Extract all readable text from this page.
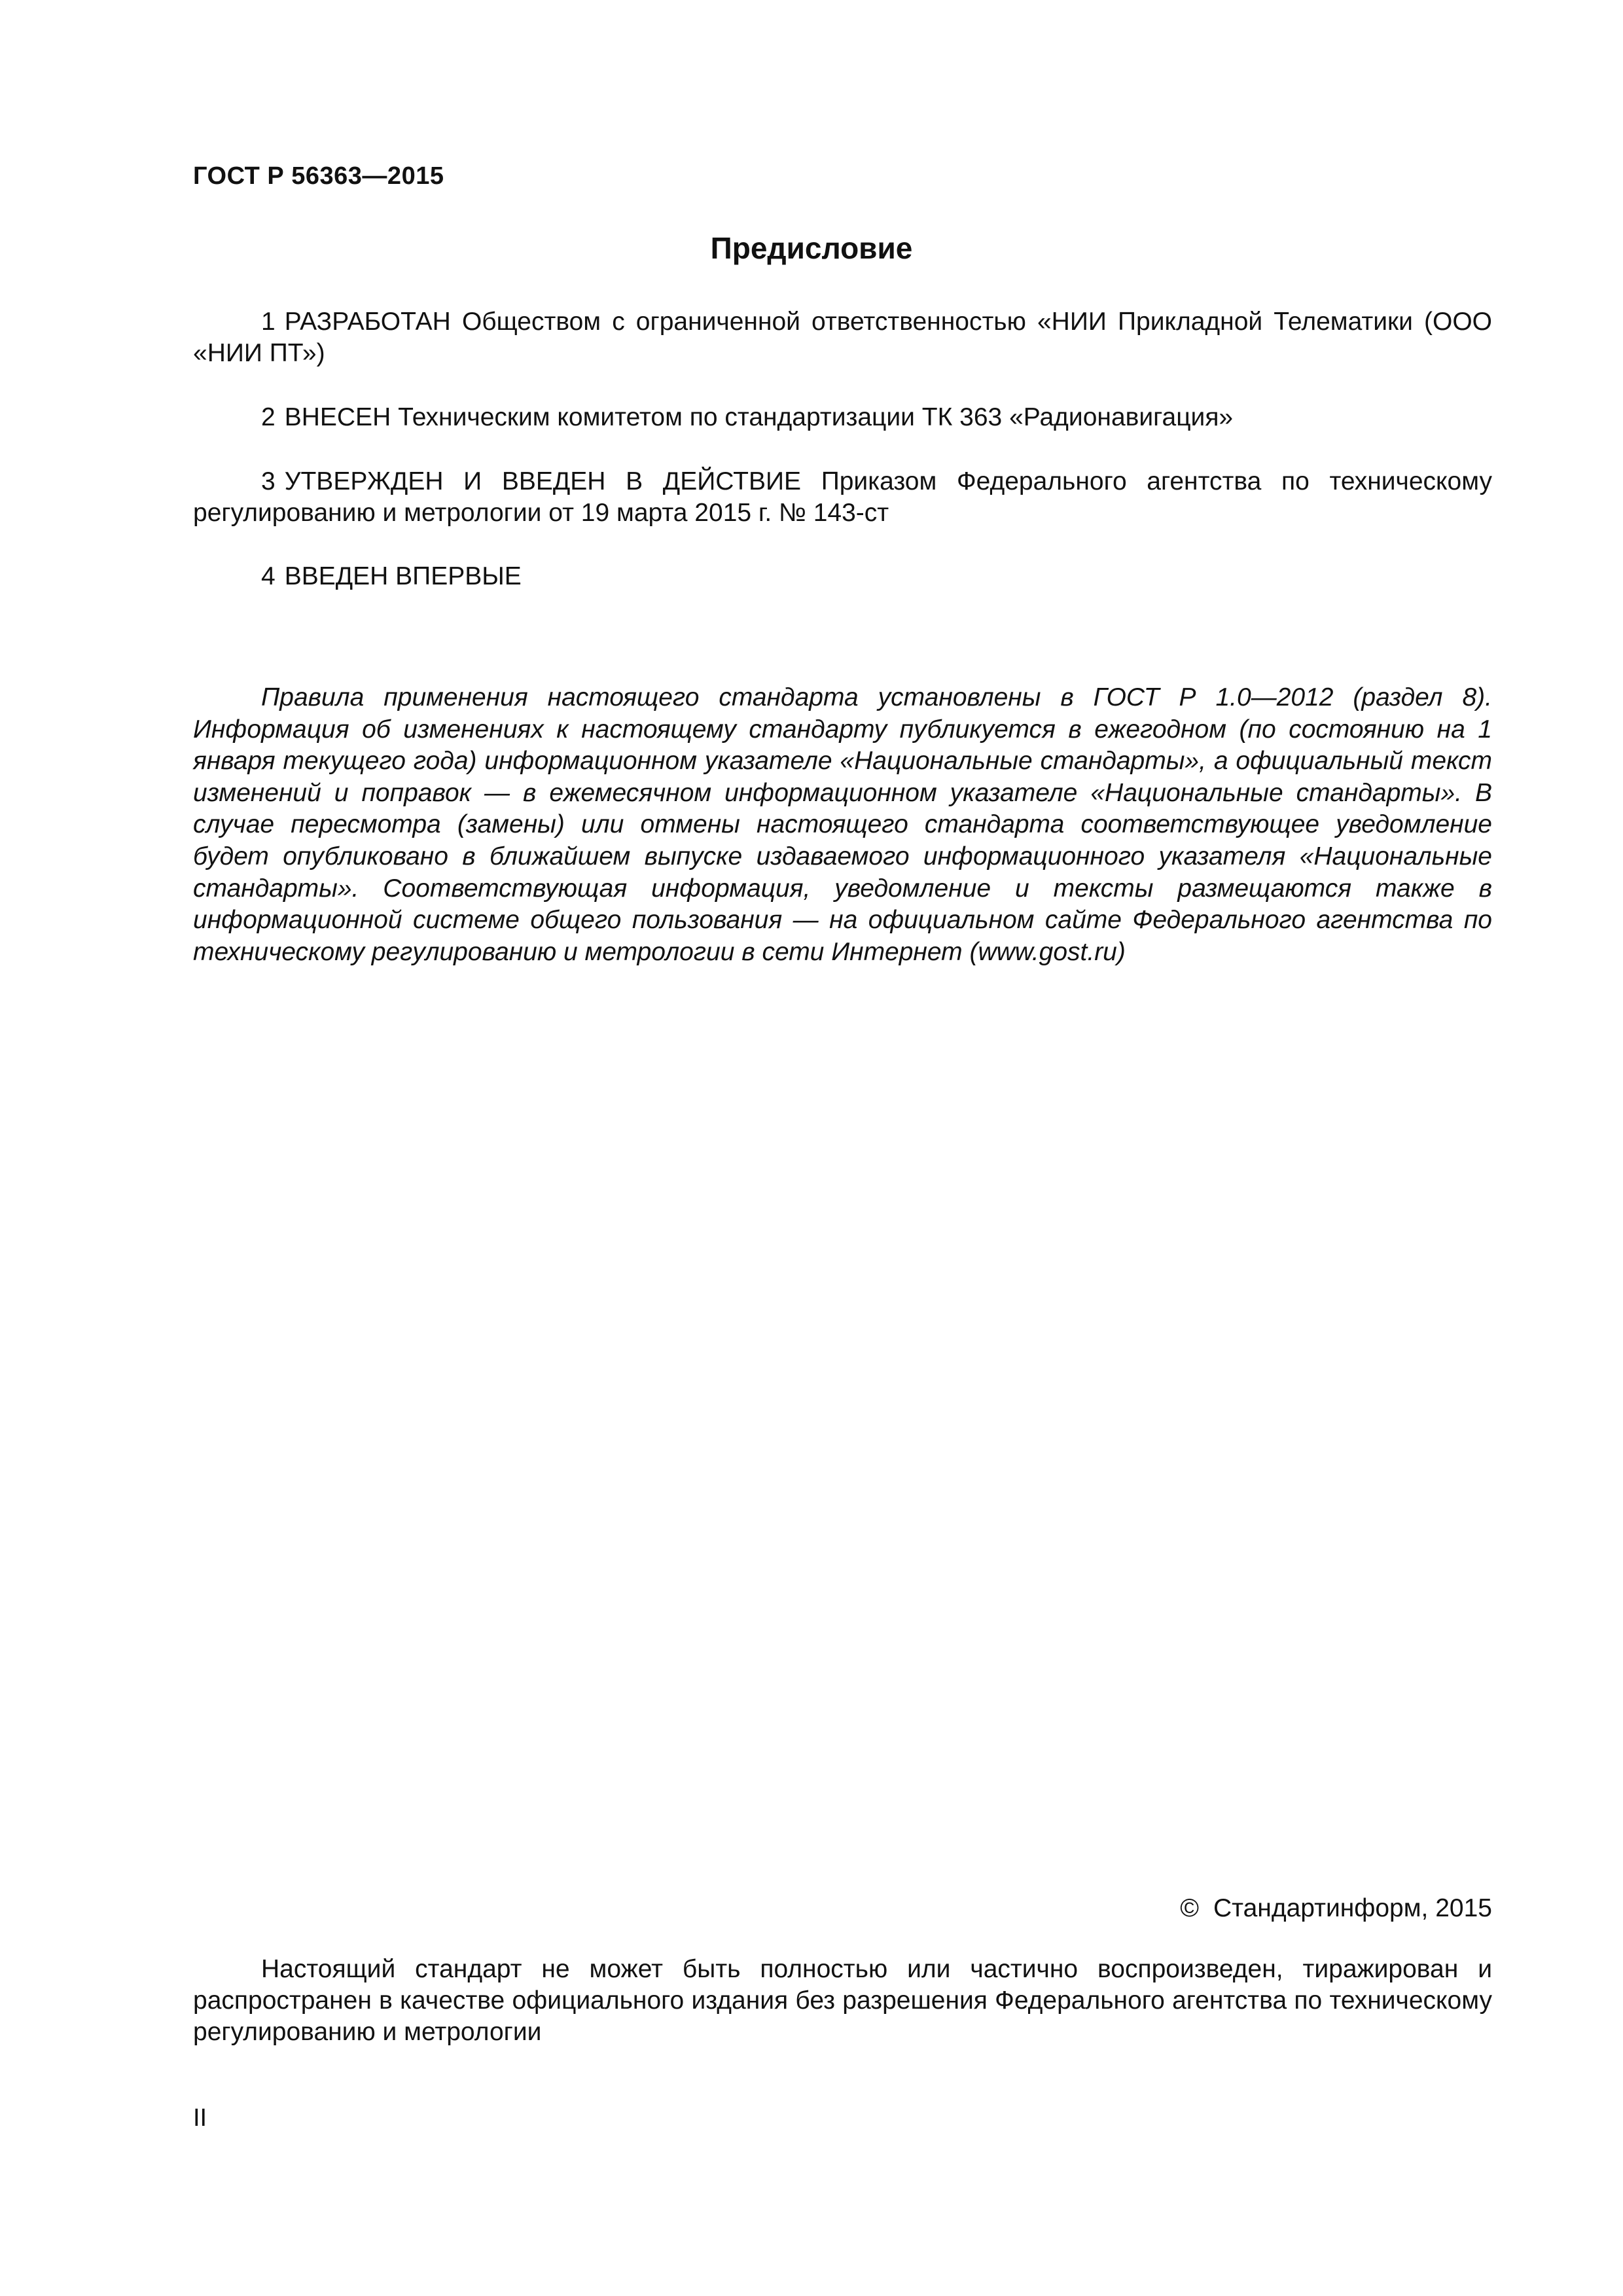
ГОСТ Р 56363—2015
Предисловие

1 РАЗРАБОТАН Обществом с ограниченной ответственностью «НИИ Прикладной Телематики (ООО «НИИ ПТ»)

2 ВНЕСЕН Техническим комитетом по стандартизации ТК 363 «Радионавигация»

3 УТВЕРЖДЕН И ВВЕДЕН В ДЕЙСТВИЕ Приказом Федерального агентства по техническому регулированию и метрологии от 19 марта 2015 г. № 143-ст

4 ВВЕДЕН ВПЕРВЫЕ

Правила применения настоящего стандарта установлены в ГОСТ Р 1.0—2012 (раздел 8). Информация об изменениях к настоящему стандарту публикуется в ежегодном (по состоянию на 1 января текущего года) информационном указателе «Национальные стандарты», а официальный текст изменений и поправок — в ежемесячном информационном указателе «Национальные стандарты». В случае пересмотра (замены) или отмены настоящего стандарта соответствующее уведомление будет опубликовано в ближайшем выпуске издаваемого информационного указателя «Национальные стандарты». Соответствующая информация, уведомление и тексты размещаются также в информационной системе общего пользования — на официальном сайте Федерального агентства по техническому регулированию и метрологии в сети Интернет (www.gost.ru)

© Стандартинформ, 2015

Настоящий стандарт не может быть полностью или частично воспроизведен, тиражирован и распространен в качестве официального издания без разрешения Федерального агентства по техническому регулированию и метрологии

II
